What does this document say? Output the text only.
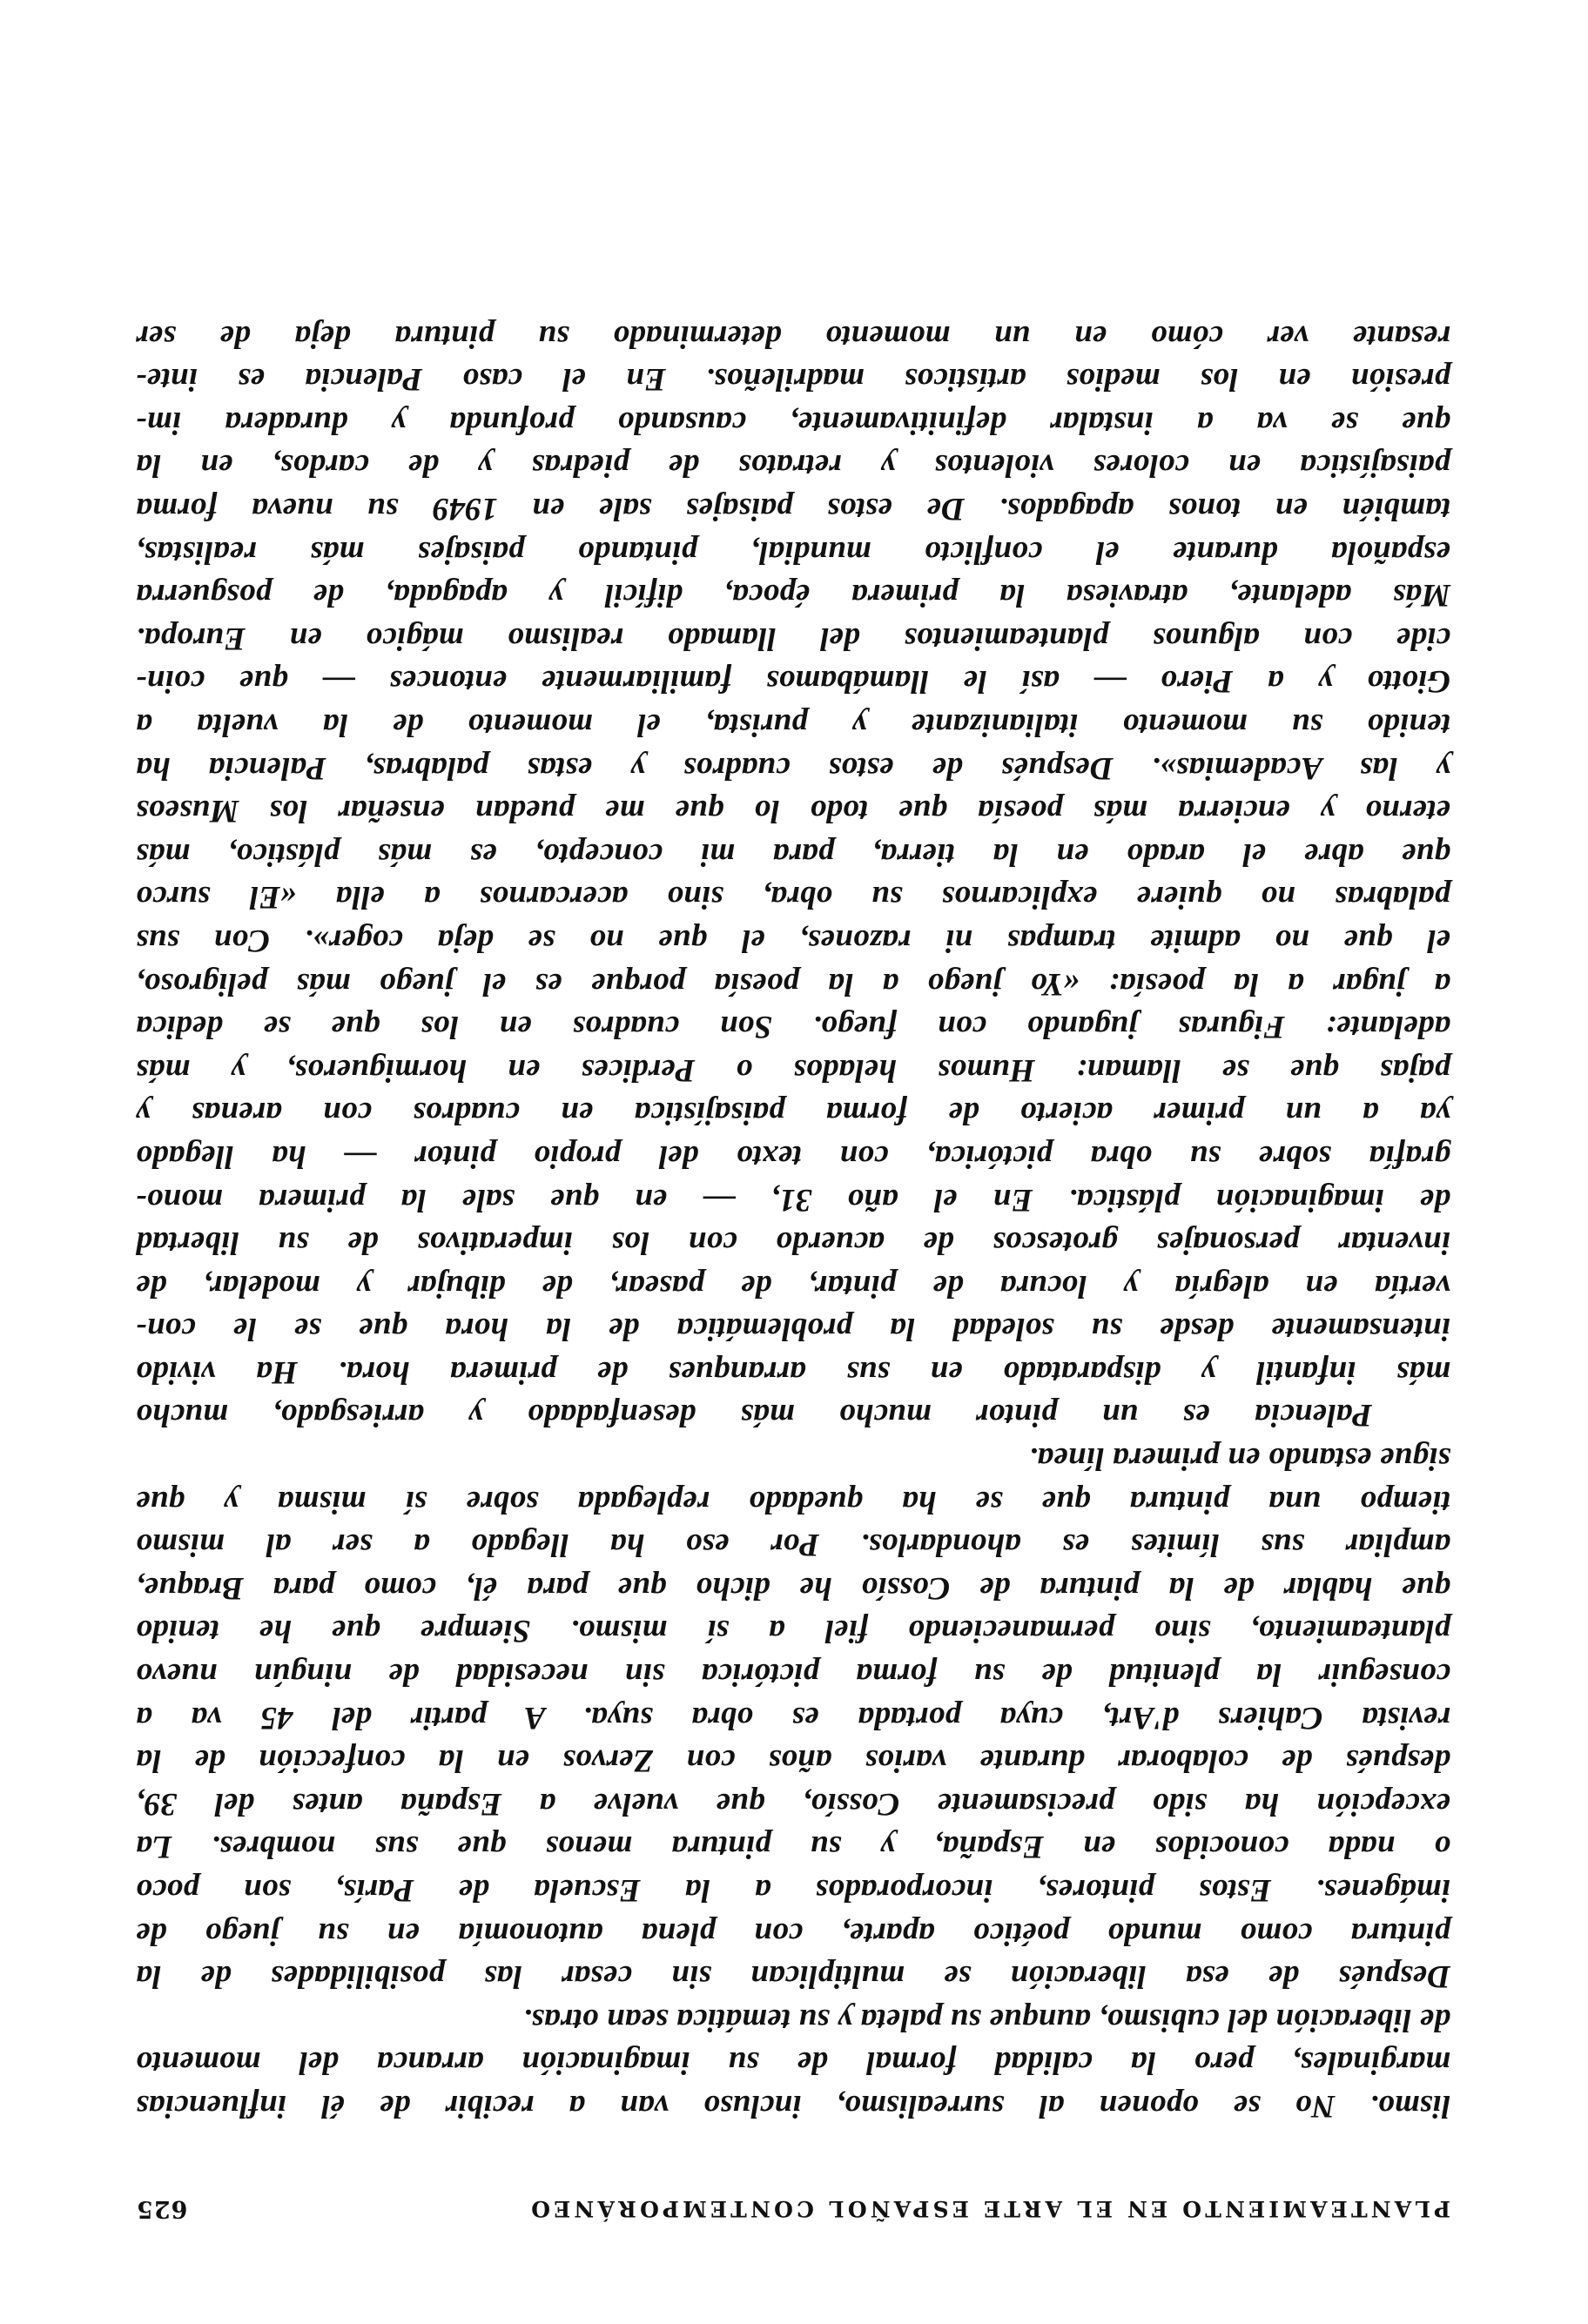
PLANTEAMIENTO EN EL ARTE ESPAÑOL CONTEMPORÁNEO
625
lismo. No se oponen al surrealismo, incluso van a recibir de él influencias
marginales, pero la calidad formal de su imaginación arranca del momento
de liberación del cubismo, aunque su paleta y su temática sean otras.
Después de esa liberación se multiplican sin cesar las posibilidades de la
pintura como mundo poético aparte, con plena autonomía en su juego de
imágenes. Estos pintores, incorporados a la Escuela de París, son poco
o nada conocidos en España, y su pintura menos que sus nombres. La
excepción ha sido precisamente Cossío, que vuelve a España antes del 39,
después de colaborar durante varios años con Zervos en la confección de la
revista Cahiers d'Art, cuya portada es obra suya. A partir del 45 va a
conseguir la plenitud de su forma pictórica sin necesidad de ningún nuevo
planteamiento, sino permaneciendo fiel a sí mismo. Siempre que he tenido
que hablar de la pintura de Cossío he dicho que para él, como para Braque,
ampliar sus límites es ahondarlos. Por eso ha llegado a ser al mismo
tiempo una pintura que se ha quedado replegada sobre sí misma y que
sigue estando en primera línea.
Palencia es un pintor mucho más desenfadado y arriesgado, mucho
más infantil y disparatado en sus arranques de primera hora. Ha vivido
intensamente desde su soledad la problemática de la hora que se le con-
vertía en alegría y locura de pintar, de pasear, de dibujar y modelar, de
inventar personajes grotescos de acuerdo con los imperativos de su libertad
de imaginación plástica. En el año 31, — en que sale la primera mono-
grafía sobre su obra pictórica, con texto del propio pintor — ha llegado
ya a un primer acierto de forma paisajística en cuadros con arenas y
pajas que se llaman: Humos helados o Perdices en hormigueros, y más
adelante: Figuras jugando con fuego. Son cuadros en los que se dedica
a jugar a la poesía: «Yo juego a la poesía porque es el juego más peligroso,
el que no admite trampas ni razones, el que no se deja coger». Con sus
palabras no quiere explicarnos su obra, sino acercarnos a ella «El surco
que abre el arado en la tierra, para mi concepto, es más plástico, más
eterno y encierra más poesía que todo lo que me puedan enseñar los Museos
y las Academias». Después de estos cuadros y estas palabras, Palencia ha
tenido su momento italianizante y purista, el momento de la vuelta a
Giotto y a Piero — así le llamábamos familiarmente entonces — que coin-
cide con algunos planteamientos del llamado realismo mágico en Europa.
Más adelante, atraviesa la primera época, difícil y apagada, de posguerra
española durante el conflicto mundial, pintando paisajes más realistas,
también en tonos apagados. De estos paisajes sale en 1949 su nueva forma
paisajística en colores violentos y retratos de piedras y de cardos, en la
que se va a instalar definitivamente, causando profunda y duradera im-
presión en los medios artísticos madrileños. En el caso Palencia es inte-
resante ver cómo en un momento determinado su pintura deja de ser
